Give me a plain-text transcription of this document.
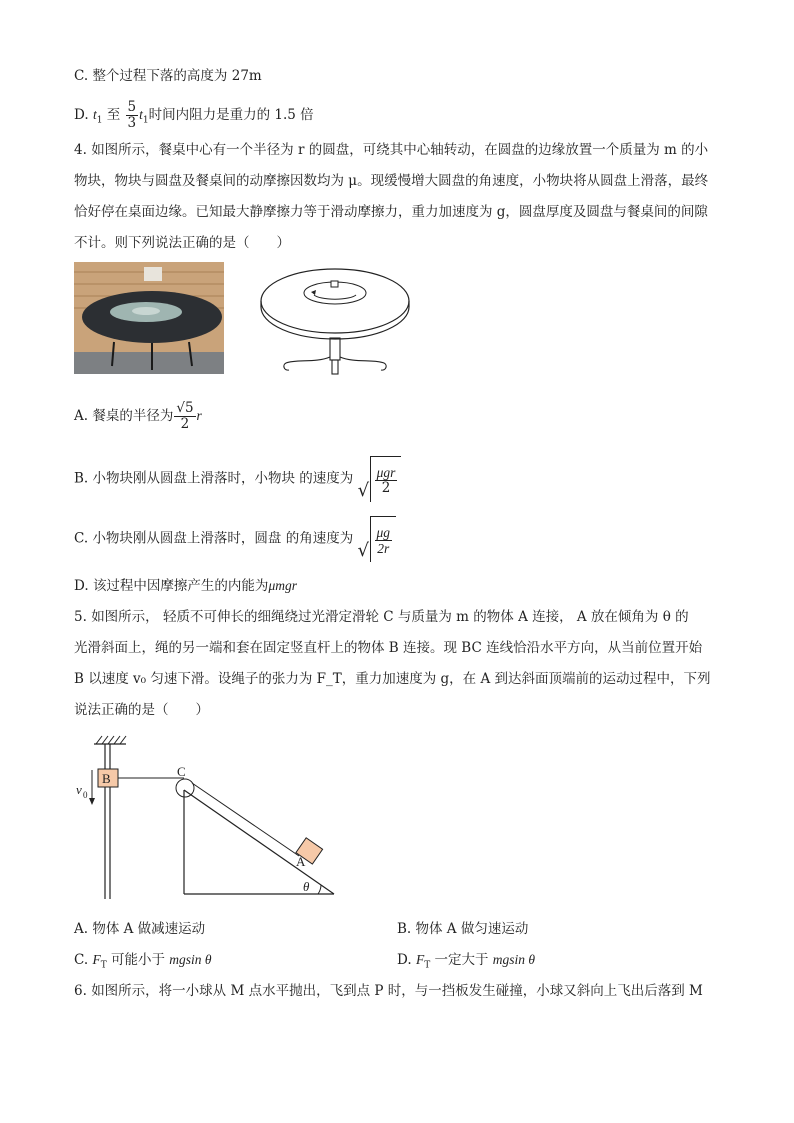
C. 整个过程下落的高度为 27m
D. $t_1$ 至 $\frac{5}{3} t_1$时间内阻力是重力的 1.5 倍
4. 如图所示，餐桌中心有一个半径为 r 的圆盘，可绕其中心轴转动，在圆盘的边缘放置一个质量为 m 的小
物块，物块与圆盘及餐桌间的动摩擦因数均为 μ。现缓慢增大圆盘的角速度，小物块将从圆盘上滑落，最终
恰好停在桌面边缘。已知最大静摩擦力等于滑动摩擦力，重力加速度为 g，圆盘厚度及圆盘与餐桌间的间隙
不计。则下列说法正确的是（　　）
A. 餐桌的半径为 $\frac{√5}{2}$ r
B. 小物块刚从圆盘上滑落时，小物块 的速度为
√ $\frac{\text{μgr}}{2}$
C. 小物块刚从圆盘上滑落时，圆盘 的角速度为
√ $\frac{\mu g}{2r}$
D. 该过程中因摩擦产生的内能为μmgr
5. 如图所示， 轻质不可伸长的细绳绕过光滑定滑轮 C 与质量为 m 的物体 A 连接， A 放在倾角为 θ 的
光滑斜面上，绳的另一端和套在固定竖直杆上的物体 B 连接。现 BC 连线恰沿水平方向，从当前位置开始
B 以速度 v₀ 匀速下滑。设绳子的张力为 F_T，重力加速度为 g，在 A 到达斜面顶端前的运动过程中，下列
说法正确的是（　　）
B
v 0
C
A
θ
A. 物体 A 做减速运动	B. 物体 A 做匀速运动
C. $F_T$ 可能小于 mgsin θ	D. $F_T$ 一定大于 mgsin θ
6. 如图所示，将一小球从 M 点水平抛出，飞到点 P 时，与一挡板发生碰撞，小球又斜向上飞出后落到 M
